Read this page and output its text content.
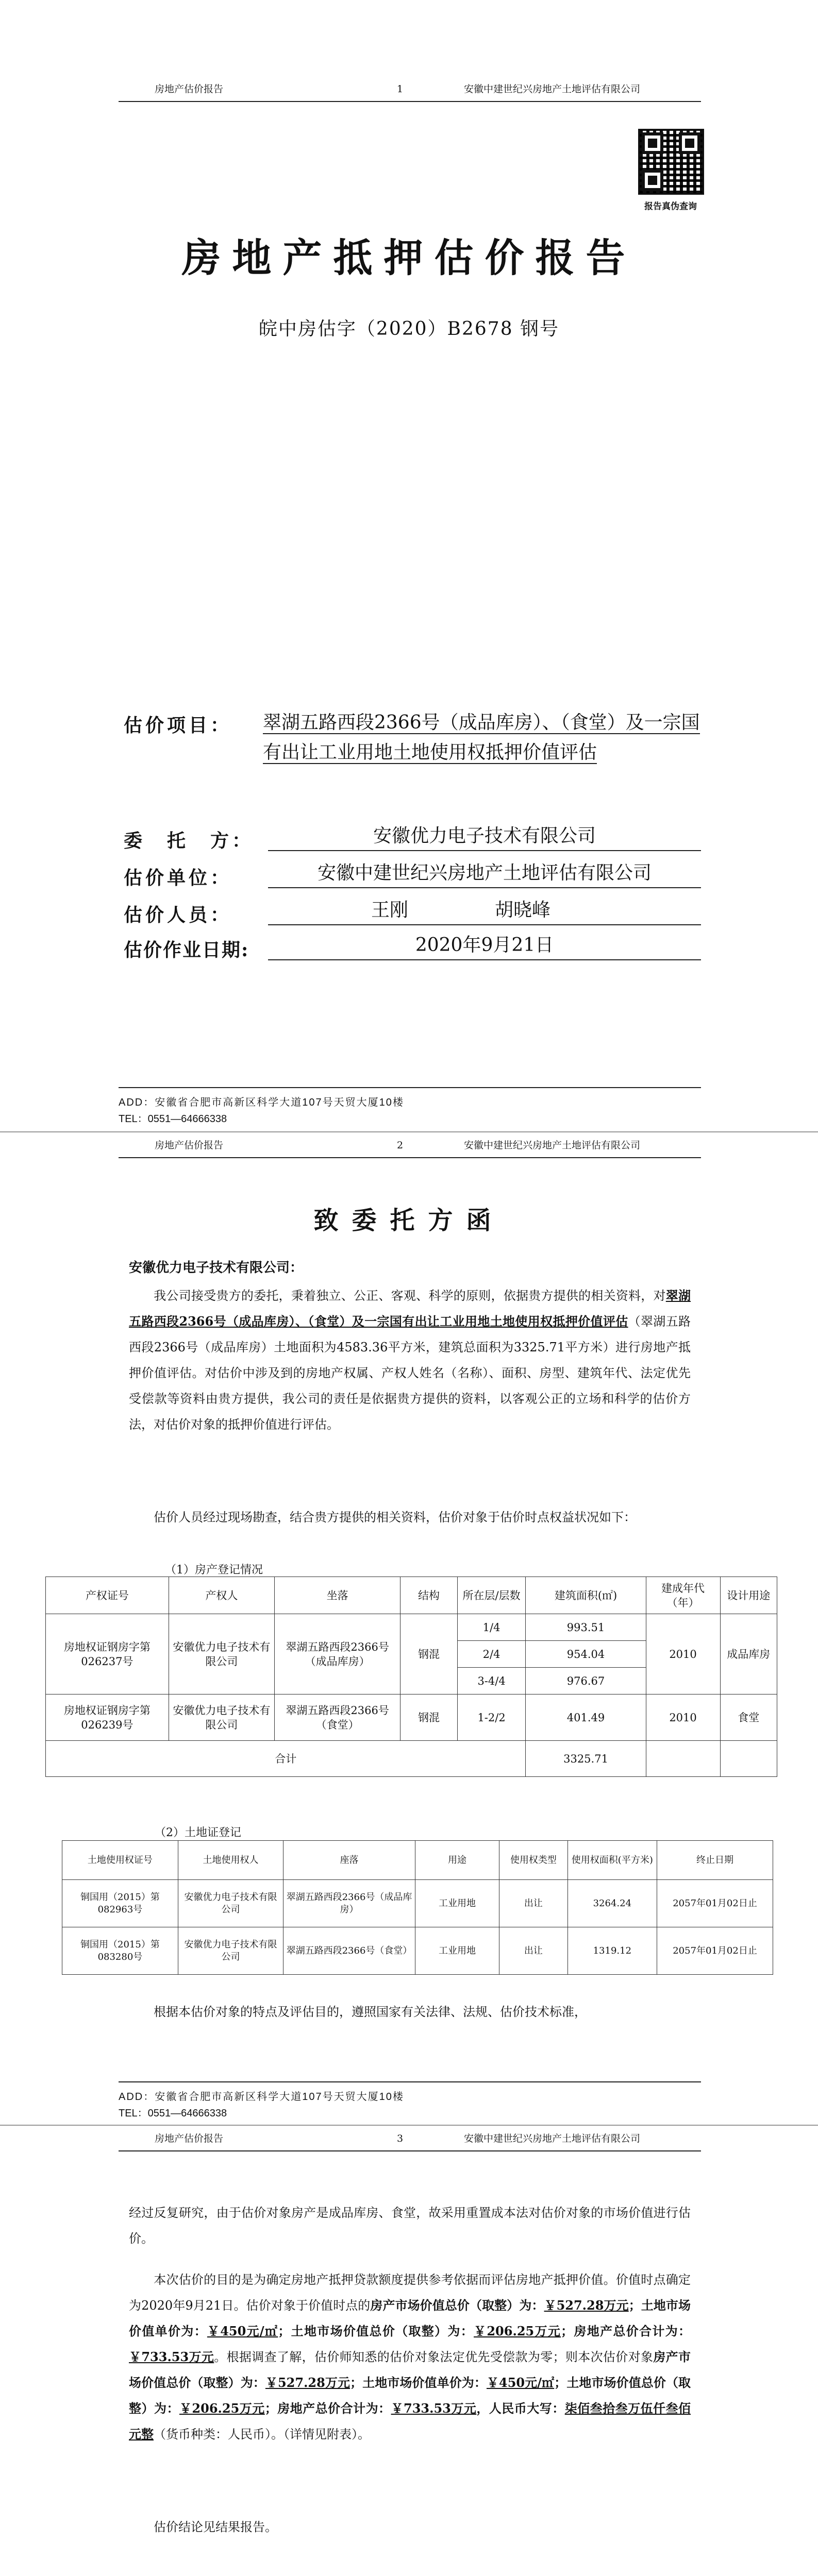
房地产估价报告	1	安徽中建世纪兴房地产土地评估有限公司
报告真伪查询
房地产抵押估价报告
皖中房估字（2020）B2678 钢号
估价项目： 翠湖五路西段2366号（成品库房）、（食堂）及一宗国有出让工业用地土地使用权抵押价值评估
委　托　方：	安徽优力电子技术有限公司
估价单位：	安徽中建世纪兴房地产土地评估有限公司
估价人员：	王刚	胡晓峰

估价作业日期:	2020年9月21日
ADD：安徽省合肥市高新区科学大道107号天贸大厦10楼
TEL：0551—64666338
房地产估价报告	2	安徽中建世纪兴房地产土地评估有限公司
致委托方函
安徽优力电子技术有限公司：
我公司接受贵方的委托，秉着独立、公正、客观、科学的原则，依据贵方提供的相关资料，对翠湖五路西段2366号（成品库房）、（食堂）及一宗国有出让工业用地土地使用权抵押价值评估（翠湖五路西段2366号（成品库房）土地面积为4583.36平方米，建筑总面积为3325.71平方米）进行房地产抵押价值评估。对估价中涉及到的房地产权属、产权人姓名（名称）、面积、房型、建筑年代、法定优先受偿款等资料由贵方提供，我公司的责任是依据贵方提供的资料，以客观公正的立场和科学的估价方法，对估价对象的抵押价值进行评估。
估价人员经过现场勘查，结合贵方提供的相关资料，估价对象于估价时点权益状况如下：
（1）房产登记情况
产权证号	产权人	坐落	结构	所在层/层数	建筑面积(㎡)	建成年代（年）	设计用途
房地权证钢房字第026237号	安徽优力电子技术有限公司	翠湖五路西段2366号（成品库房）	钢混	1/4	993.51	2010	成品库房
				2/4	954.04		
				3-4/4	976.67		
房地权证钢房字第026239号	安徽优力电子技术有限公司	翠湖五路西段2366号（食堂）	钢混	1-2/2	401.49	2010	食堂
合计					3325.71		
（2）土地证登记
土地使用权证号	土地使用权人	座落	用途	使用权类型	使用权面积(平方米)	终止日期
铜国用（2015）第082963号	安徽优力电子技术有限公司	翠湖五路西段2366号（成品库房）	工业用地	出让	3264.24	2057年01月02日止
铜国用（2015）第083280号	安徽优力电子技术有限公司	翠湖五路西段2366号（食堂）	工业用地	出让	1319.12	2057年01月02日止
根据本估价对象的特点及评估目的，遵照国家有关法律、法规、估价技术标准，
ADD：安徽省合肥市高新区科学大道107号天贸大厦10楼
TEL：0551—64666338
房地产估价报告	3	安徽中建世纪兴房地产土地评估有限公司
经过反复研究，由于估价对象房产是成品库房、食堂，故采用重置成本法对估价对象的市场价值进行估价。
本次估价的目的是为确定房地产抵押贷款额度提供参考依据而评估房地产抵押价值。价值时点确定为2020年9月21日。估价对象于价值时点的房产市场价值总价（取整）为：￥527.28万元；土地市场价值单价为：￥450元/㎡；土地市场价值总价（取整）为：￥206.25万元；房地产总价合计为：￥733.53万元。根据调查了解，估价师知悉的估价对象法定优先受偿款为零；则本次估价对象房产市场价值总价（取整）为：￥527.28万元；土地市场价值单价为：￥450元/㎡；土地市场价值总价（取整）为：￥206.25万元；房地产总价合计为：￥733.53万元，人民币大写：柒佰叁拾叁万伍仟叁佰元整（货币种类：人民币）。（详情见附表）。
估价结论见结果报告。
